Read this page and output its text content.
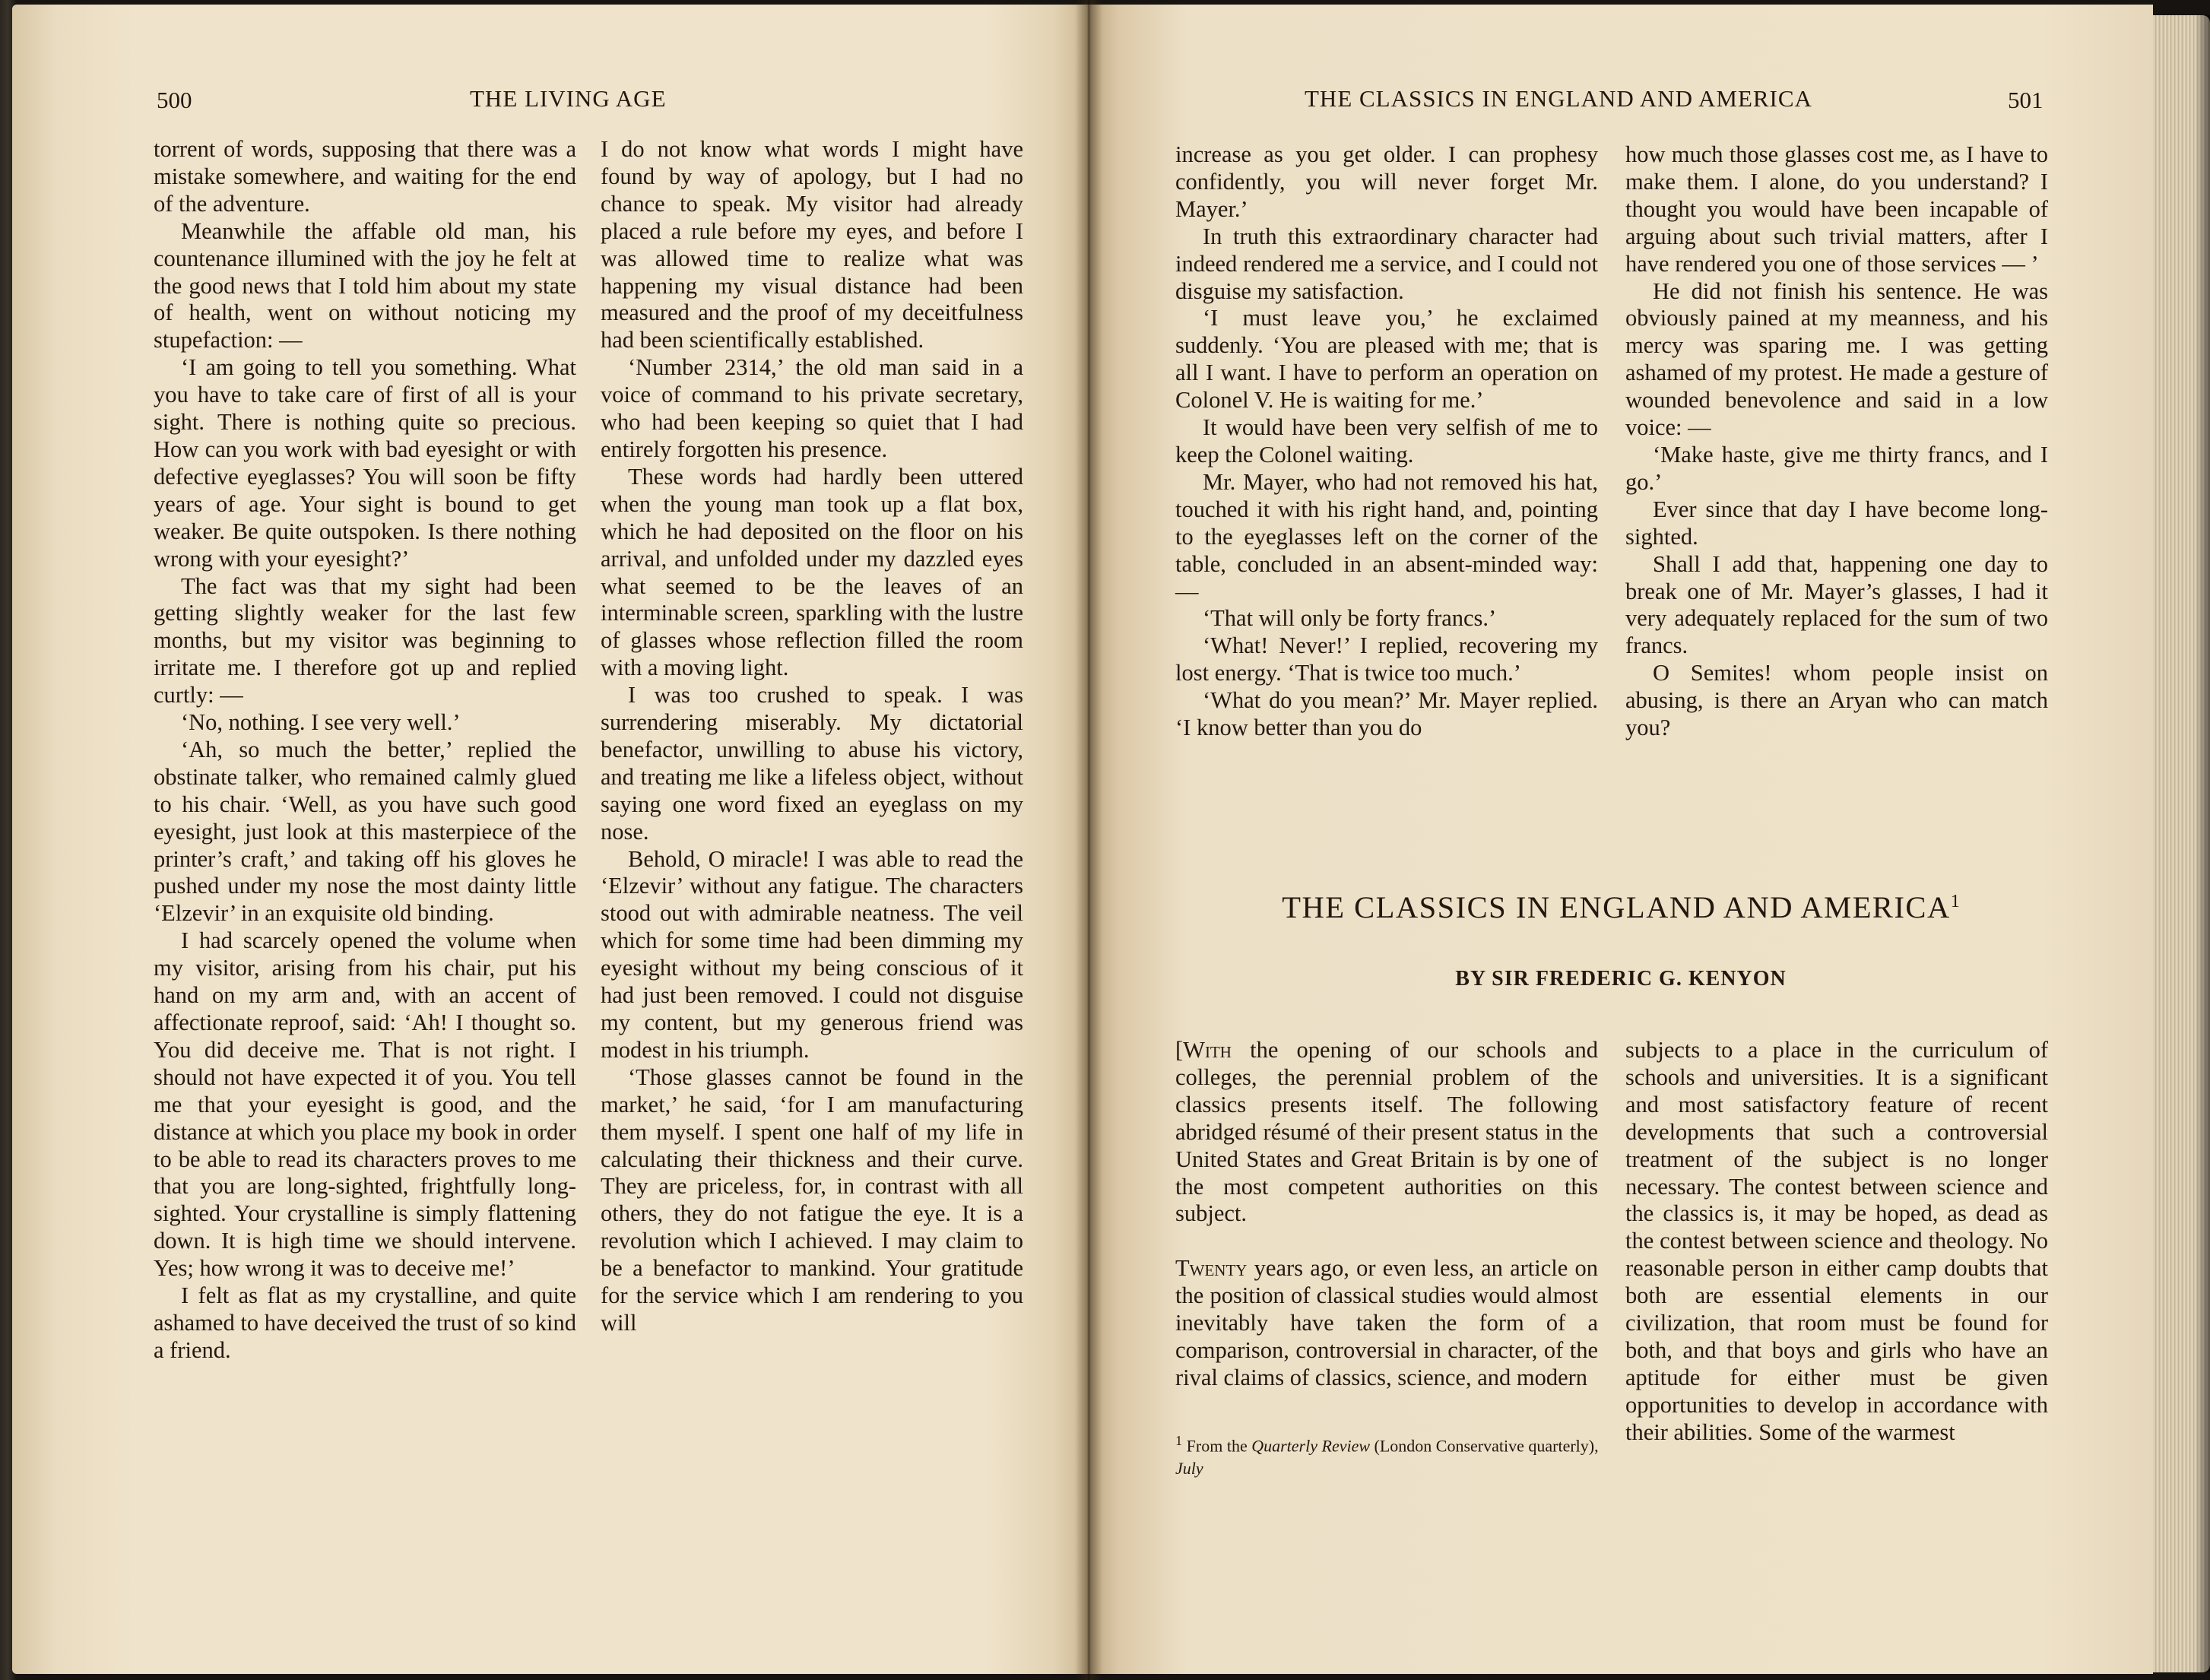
500	THE LIVING AGE	THE CLASSICS IN ENGLAND AND AMERICA	501

torrent of words, supposing that there was a mistake somewhere, and waiting for the end of the adventure.

Meanwhile the affable old man, his countenance illumined with the joy he felt at the good news that I told him about my state of health, went on without noticing my stupefaction: —

‘I am going to tell you something. What you have to take care of first of all is your sight. There is nothing quite so precious. How can you work with bad eyesight or with defective eyeglasses? You will soon be fifty years of age. Your sight is bound to get weaker. Be quite outspoken. Is there nothing wrong with your eyesight?’

The fact was that my sight had been getting slightly weaker for the last few months, but my visitor was beginning to irritate me. I therefore got up and replied curtly: —

‘No, nothing. I see very well.’

‘Ah, so much the better,’ replied the obstinate talker, who remained calmly glued to his chair. ‘Well, as you have such good eyesight, just look at this masterpiece of the printer’s craft,’ and taking off his gloves he pushed under my nose the most dainty little ‘Elzevir’ in an exquisite old binding.

I had scarcely opened the volume when my visitor, arising from his chair, put his hand on my arm and, with an accent of affectionate reproof, said: ‘Ah! I thought so. You did deceive me. That is not right. I should not have expected it of you. You tell me that your eyesight is good, and the distance at which you place my book in order to be able to read its characters proves to me that you are long-sighted, frightfully long-sighted. Your crystalline is simply flattening down. It is high time we should intervene. Yes; how wrong it was to deceive me!’

I felt as flat as my crystalline, and quite ashamed to have deceived the trust of so kind a friend.

I do not know what words I might have found by way of apology, but I had no chance to speak. My visitor had already placed a rule before my eyes, and before I was allowed time to realize what was happening my visual distance had been measured and the proof of my deceitfulness had been scientifically established.

‘Number 2314,’ the old man said in a voice of command to his private secretary, who had been keeping so quiet that I had entirely forgotten his presence.

These words had hardly been uttered when the young man took up a flat box, which he had deposited on the floor on his arrival, and unfolded under my dazzled eyes what seemed to be the leaves of an interminable screen, sparkling with the lustre of glasses whose reflection filled the room with a moving light.

I was too crushed to speak. I was surrendering miserably. My dictatorial benefactor, unwilling to abuse his victory, and treating me like a lifeless object, without saying one word fixed an eyeglass on my nose.

Behold, O miracle! I was able to read the ‘Elzevir’ without any fatigue. The characters stood out with admirable neatness. The veil which for some time had been dimming my eyesight without my being conscious of it had just been removed. I could not disguise my content, but my generous friend was modest in his triumph.

‘Those glasses cannot be found in the market,’ he said, ‘for I am manufacturing them myself. I spent one half of my life in calculating their thickness and their curve. They are priceless, for, in contrast with all others, they do not fatigue the eye. It is a revolution which I achieved. I may claim to be a benefactor to mankind. Your gratitude for the service which I am rendering to you will

increase as you get older. I can prophesy confidently, you will never forget Mr. Mayer.’

In truth this extraordinary character had indeed rendered me a service, and I could not disguise my satisfaction.

‘I must leave you,’ he exclaimed suddenly. ‘You are pleased with me; that is all I want. I have to perform an operation on Colonel V. He is waiting for me.’

It would have been very selfish of me to keep the Colonel waiting.

Mr. Mayer, who had not removed his hat, touched it with his right hand, and, pointing to the eyeglasses left on the corner of the table, concluded in an absent-minded way: —

‘That will only be forty francs.’

‘What! Never!’ I replied, recovering my lost energy. ‘That is twice too much.’

‘What do you mean?’ Mr. Mayer replied. ‘I know better than you do

how much those glasses cost me, as I have to make them. I alone, do you understand? I thought you would have been incapable of arguing about such trivial matters, after I have rendered you one of those services — ’

He did not finish his sentence. He was obviously pained at my meanness, and his mercy was sparing me. I was getting ashamed of my protest. He made a gesture of wounded benevolence and said in a low voice: —

‘Make haste, give me thirty francs, and I go.’

Ever since that day I have become long-sighted.

Shall I add that, happening one day to break one of Mr. Mayer’s glasses, I had it very adequately replaced for the sum of two francs.

O Semites! whom people insist on abusing, is there an Aryan who can match you?

THE CLASSICS IN ENGLAND AND AMERICA$^1$
BY SIR FREDERIC G. KENYON

[With the opening of our schools and colleges, the perennial problem of the classics presents itself. The following abridged résumé of their present status in the United States and Great Britain is by one of the most competent authorities on this subject.

Twenty years ago, or even less, an article on the position of classical studies would almost inevitably have taken the form of a comparison, controversial in character, of the rival claims of classics, science, and modern

subjects to a place in the curriculum of schools and universities. It is a significant and most satisfactory feature of recent developments that such a controversial treatment of the subject is no longer necessary. The contest between science and the classics is, it may be hoped, as dead as the contest between science and theology. No reasonable person in either camp doubts that both are essential elements in our civilization, that room must be found for both, and that boys and girls who have an aptitude for either must be given opportunities to develop in accordance with their abilities. Some of the warmest

$^1$ From the Quarterly Review (London Conservative quarterly), July
